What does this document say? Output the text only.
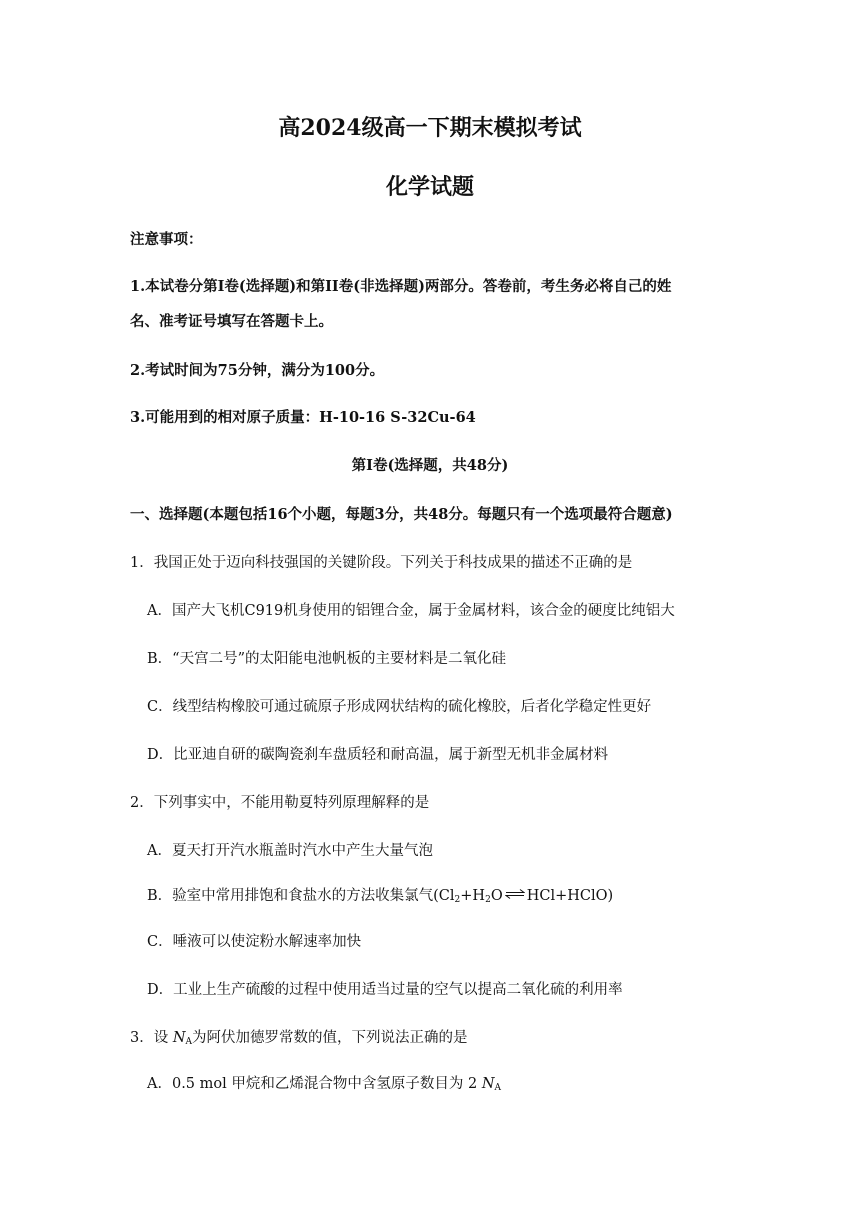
高2024级高一下期末模拟考试
化学试题
注意事项：
1.本试卷分第Ⅰ卷(选择题)和第II卷(非选择题)两部分。答卷前，考生务必将自己的姓
名、准考证号填写在答题卡上。
2.考试时间为75分钟，满分为100分。
3.可能用到的相对原子质量：H-10-16 S-32Cu-64
第I卷(选择题，共48分)
一、选择题(本题包括16个小题，每题3分，共48分。每题只有一个选项最符合题意)
1．我国正处于迈向科技强国的关键阶段。下列关于科技成果的描述不正确的是
A．国产大飞机C919机身使用的铝锂合金，属于金属材料，该合金的硬度比纯铝大
B．“天宫二号”的太阳能电池帆板的主要材料是二氧化硅
C．线型结构橡胶可通过硫原子形成网状结构的硫化橡胶，后者化学稳定性更好
D．比亚迪自研的碳陶瓷刹车盘质轻和耐高温，属于新型无机非金属材料
2．下列事实中，不能用勒夏特列原理解释的是
A．夏天打开汽水瓶盖时汽水中产生大量气泡
B．验室中常用排饱和食盐水的方法收集氯气($Cl_2+H_2O$ ⇌ HCl+HClO)
C．唾液可以使淀粉水解速率加快
D．工业上生产硫酸的过程中使用适当过量的空气以提高二氧化硫的利用率
3．设 $N_A$为阿伏加德罗常数的值，下列说法正确的是
A．0.5 mol 甲烷和乙烯混合物中含氢原子数目为 2 $N_A$
